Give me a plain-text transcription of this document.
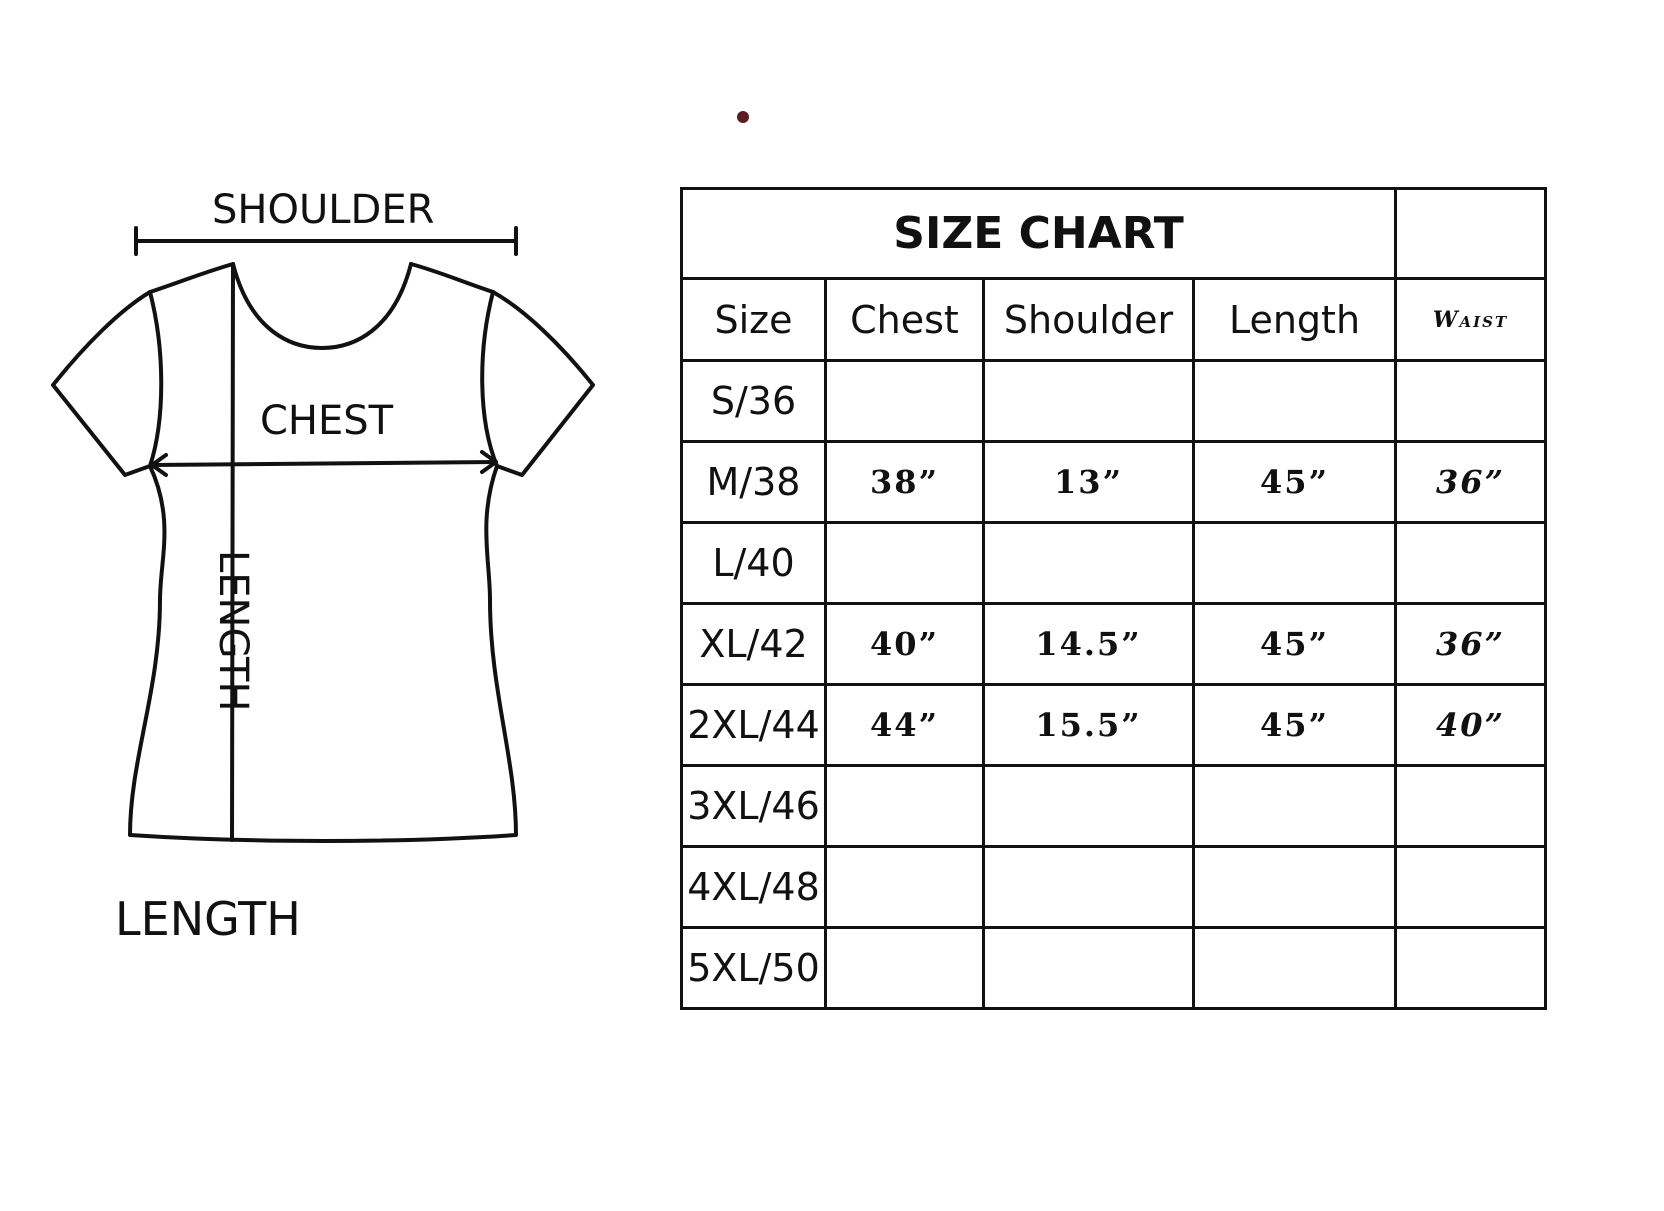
SHOULDER
CHEST
LENGTH
LENGTH
SIZE CHART				
Size	Chest	Shoulder	Length	Waist
S/36				
M/38	38”	13”	45”	36”
L/40				
XL/42	40”	14.5”	45”	36”
2XL/44	44”	15.5”	45”	40”
3XL/46				
4XL/48				
5XL/50				
